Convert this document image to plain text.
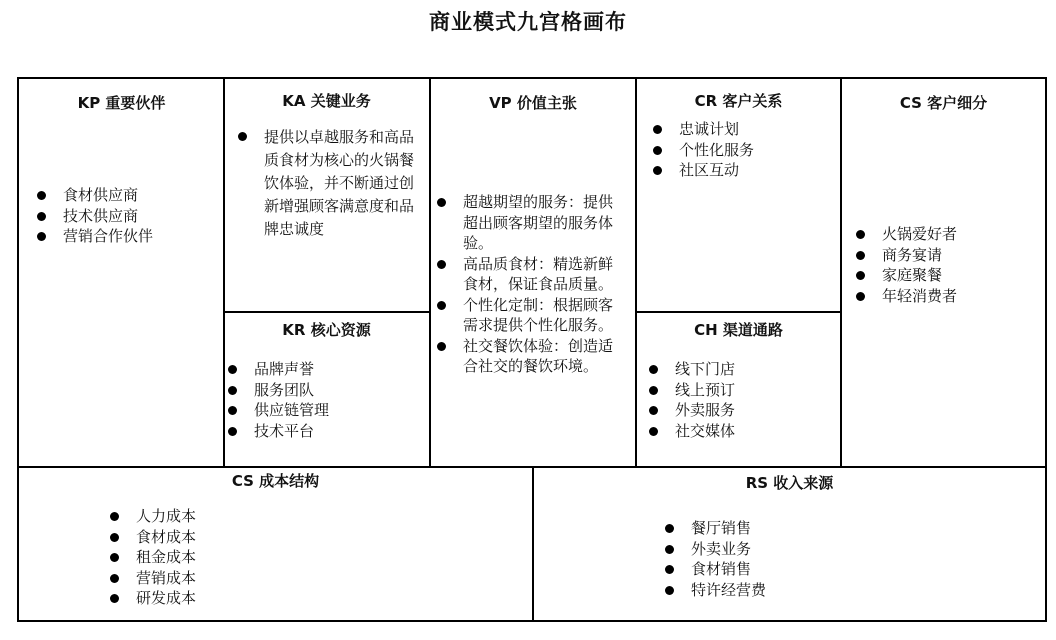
商业模式九宫格画布
KP 重要伙伴
食材供应商
技术供应商
营销合作伙伴
KA 关键业务
提供以卓越服务和高品质食材为核心的火锅餐饮体验，并不断通过创新增强顾客满意度和品牌忠诚度
KR 核心资源
品牌声誉
服务团队
供应链管理
技术平台
VP 价值主张
超越期望的服务：提供超出顾客期望的服务体验。
高品质食材：精选新鲜食材，保证食品质量。
个性化定制：根据顾客需求提供个性化服务。
社交餐饮体验：创造适合社交的餐饮环境。
CR 客户关系
忠诚计划
个性化服务
社区互动
CH 渠道通路
线下门店
线上预订
外卖服务
社交媒体
CS 客户细分
火锅爱好者
商务宴请
家庭聚餐
年轻消费者
CS 成本结构
人力成本
食材成本
租金成本
营销成本
研发成本
RS 收入来源
餐厅销售
外卖业务
食材销售
特许经营费
